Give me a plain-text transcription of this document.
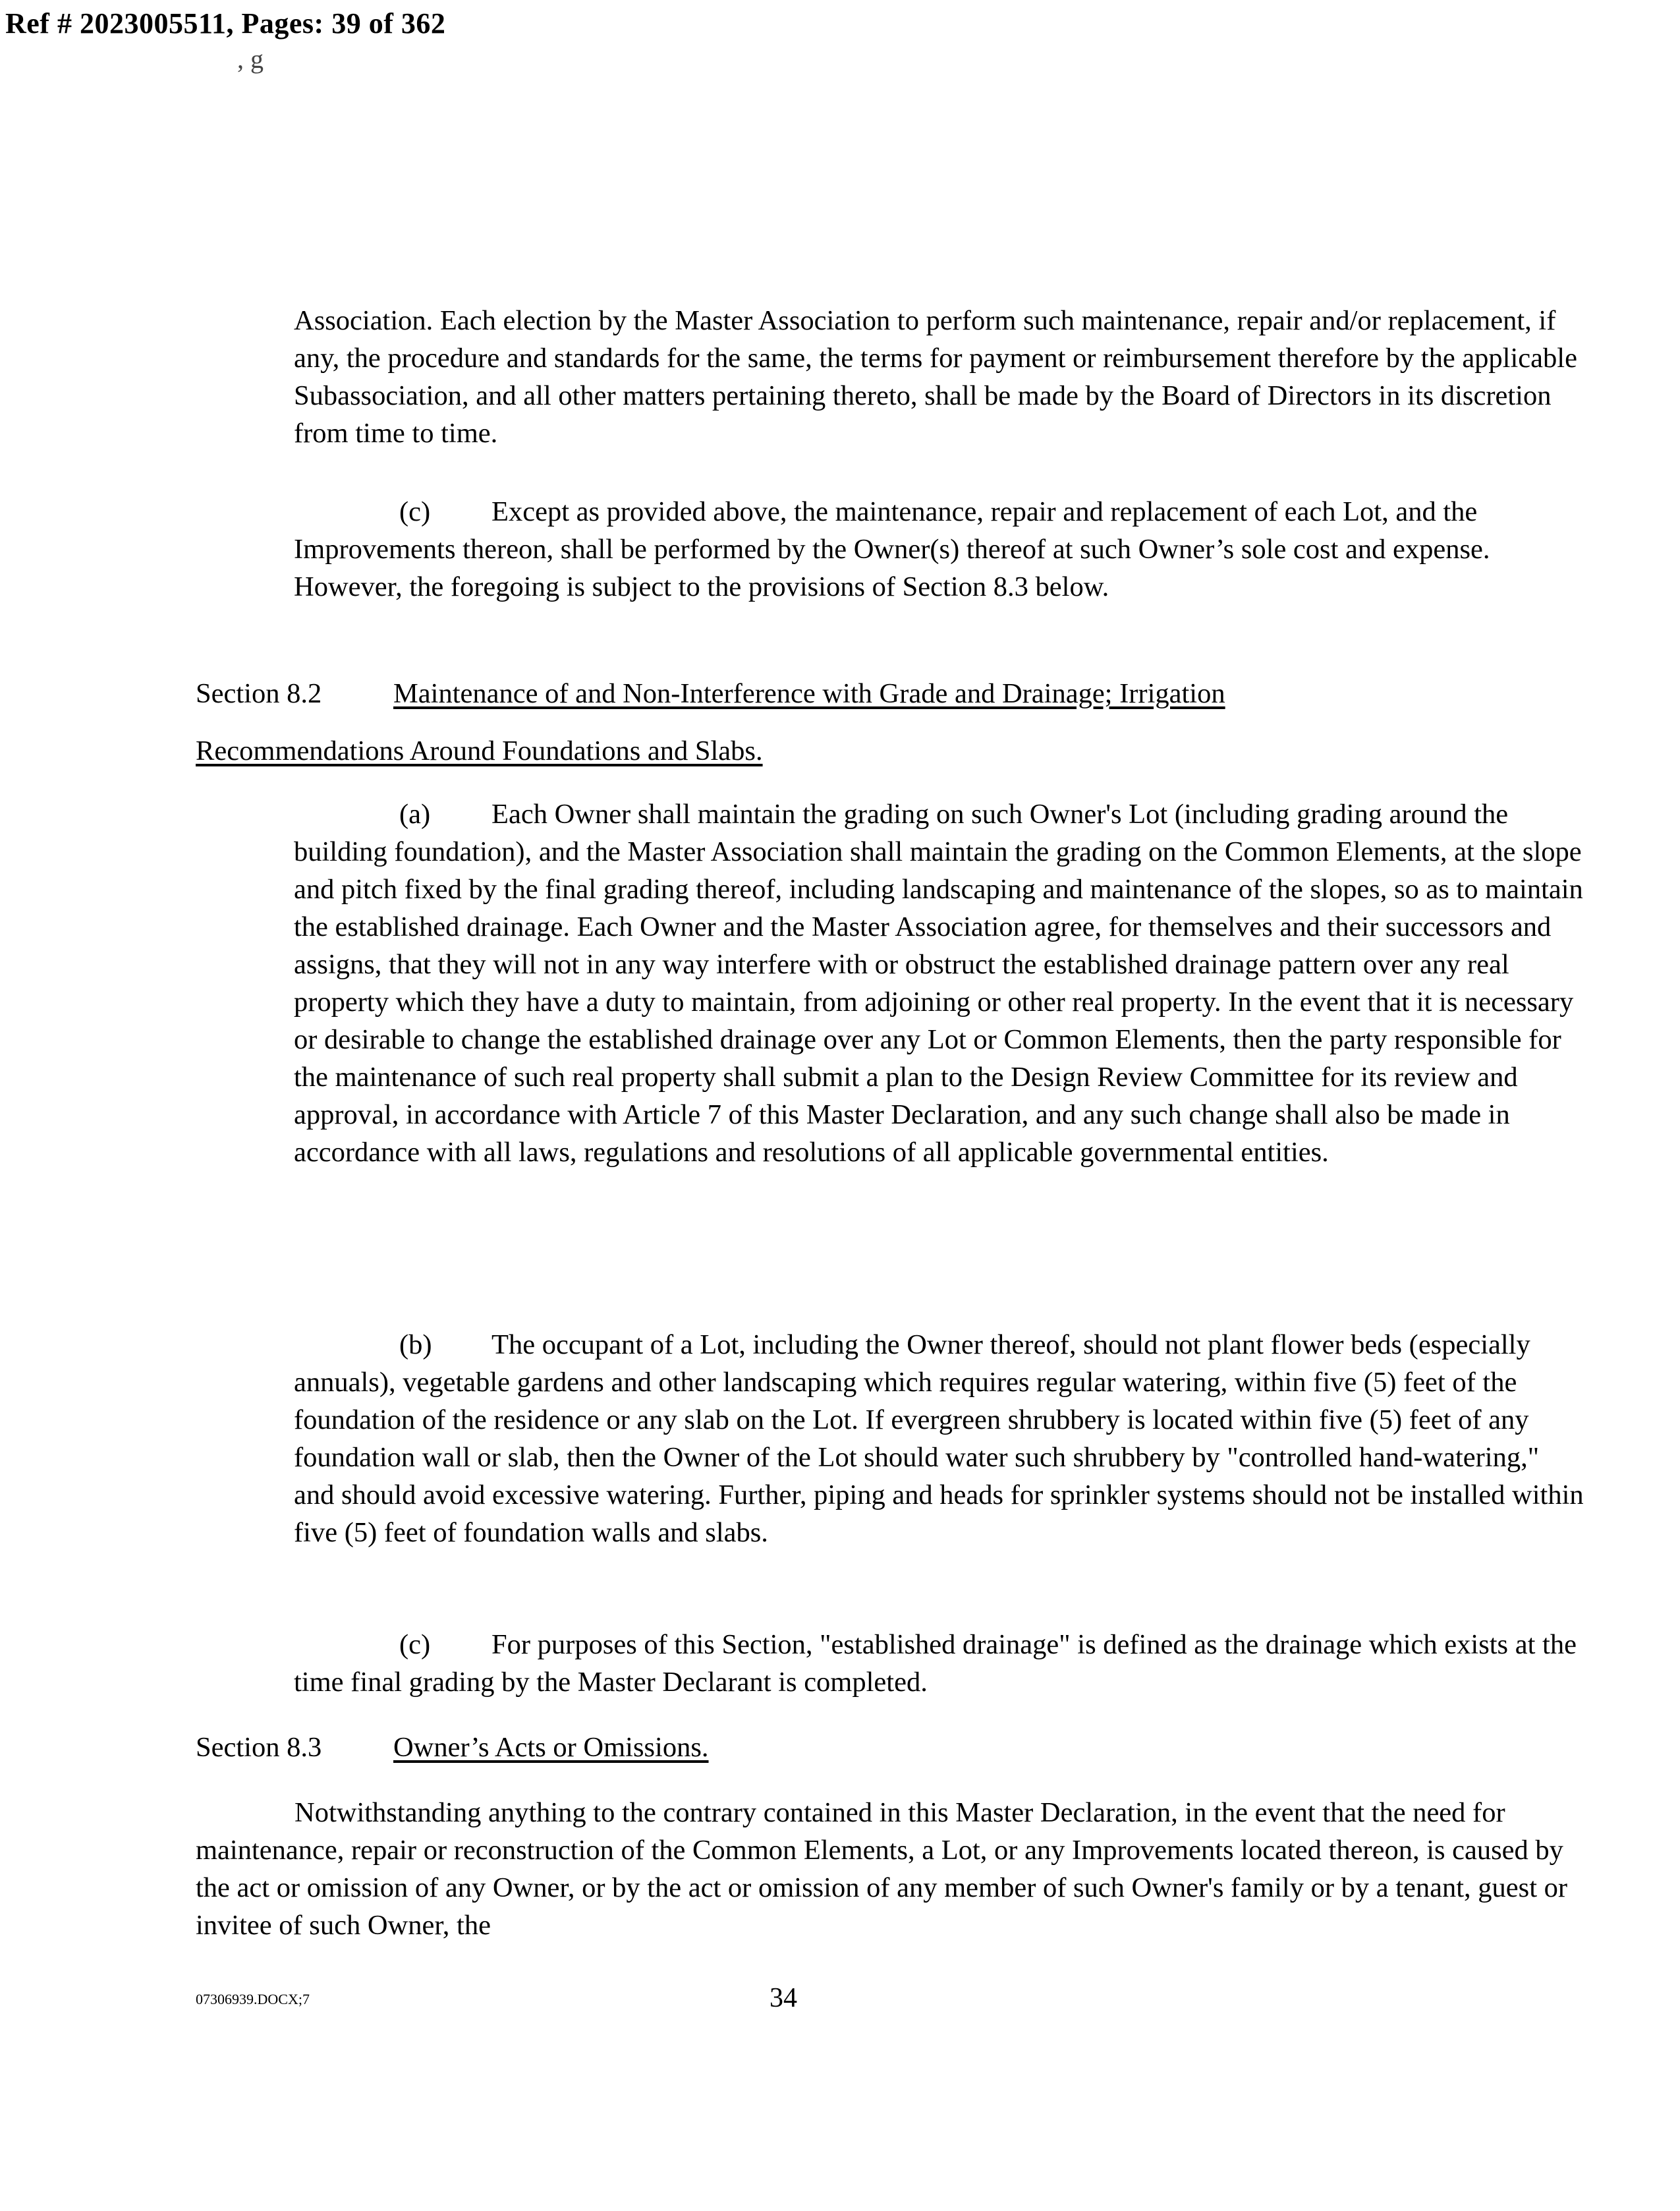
Ref # 2023005511, Pages: 39 of 362
, g

Association. Each election by the Master Association to perform such maintenance, repair and/or replacement, if any, the procedure and standards for the same, the terms for payment or reimbursement therefore by the applicable Subassociation, and all other matters pertaining thereto, shall be made by the Board of Directors in its discretion from time to time.

(c) Except as provided above, the maintenance, repair and replacement of each Lot, and the Improvements thereon, shall be performed by the Owner(s) thereof at such Owner’s sole cost and expense. However, the foregoing is subject to the provisions of Section 8.3 below.

Section 8.2	Maintenance of and Non-Interference with Grade and Drainage; Irrigation
Recommendations Around Foundations and Slabs.

(a) Each Owner shall maintain the grading on such Owner's Lot (including grading around the building foundation), and the Master Association shall maintain the grading on the Common Elements, at the slope and pitch fixed by the final grading thereof, including landscaping and maintenance of the slopes, so as to maintain the established drainage. Each Owner and the Master Association agree, for themselves and their successors and assigns, that they will not in any way interfere with or obstruct the established drainage pattern over any real property which they have a duty to maintain, from adjoining or other real property. In the event that it is necessary or desirable to change the established drainage over any Lot or Common Elements, then the party responsible for the maintenance of such real property shall submit a plan to the Design Review Committee for its review and approval, in accordance with Article 7 of this Master Declaration, and any such change shall also be made in accordance with all laws, regulations and resolutions of all applicable governmental entities.

(b) The occupant of a Lot, including the Owner thereof, should not plant flower beds (especially annuals), vegetable gardens and other landscaping which requires regular watering, within five (5) feet of the foundation of the residence or any slab on the Lot. If evergreen shrubbery is located within five (5) feet of any foundation wall or slab, then the Owner of the Lot should water such shrubbery by "controlled hand-watering," and should avoid excessive watering. Further, piping and heads for sprinkler systems should not be installed within five (5) feet of foundation walls and slabs.

(c) For purposes of this Section, "established drainage" is defined as the drainage which exists at the time final grading by the Master Declarant is completed.

Section 8.3	Owner’s Acts or Omissions.

Notwithstanding anything to the contrary contained in this Master Declaration, in the event that the need for maintenance, repair or reconstruction of the Common Elements, a Lot, or any Improvements located thereon, is caused by the act or omission of any Owner, or by the act or omission of any member of such Owner's family or by a tenant, guest or invitee of such Owner, the

07306939.DOCX;7	34
